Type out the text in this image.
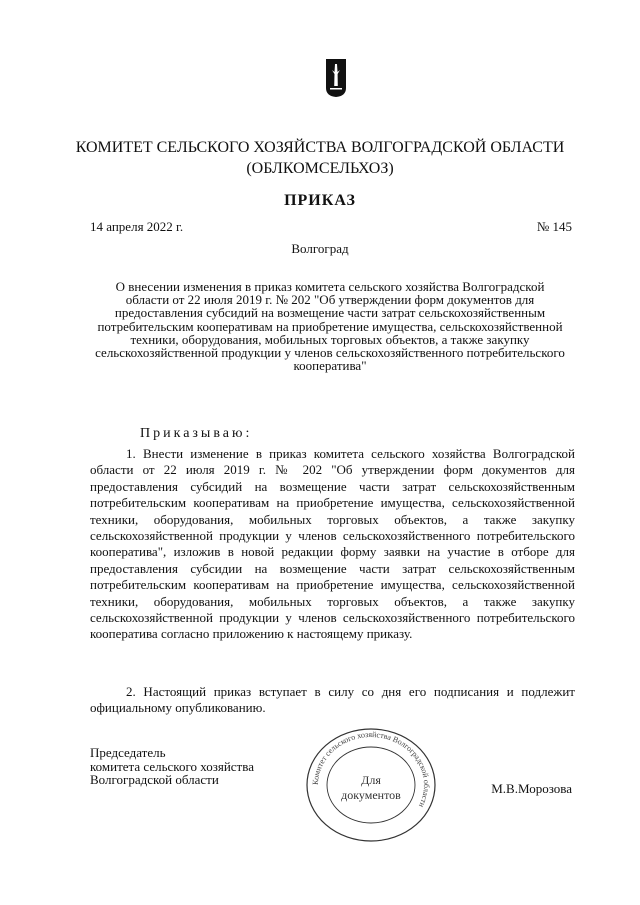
КОМИТЕТ СЕЛЬСКОГО ХОЗЯЙСТВА ВОЛГОГРАДСКОЙ ОБЛАСТИ
(ОБЛКОМСЕЛЬХОЗ)
ПРИКАЗ
14 апреля 2022 г.	№ 145
Волгоград
О внесении изменения в приказ комитета сельского хозяйства Волгоградской области от 22 июля 2019 г. № 202 "Об утверждении форм документов для предоставления субсидий на возмещение части затрат сельскохозяйственным потребительским кооперативам на приобретение имущества, сельскохозяйственной техники, оборудования, мобильных торговых объектов, а также закупку сельскохозяйственной продукции у членов сельскохозяйственного потребительского кооператива"
Приказываю:

1. Внести изменение в приказ комитета сельского хозяйства Волгоградской области от 22 июля 2019 г. № 202 "Об утверждении форм документов для предоставления субсидий на возмещение части затрат сельскохозяйственным потребительским кооперативам на приобретение имущества, сельскохозяйственной техники, оборудования, мобильных торговых объектов, а также закупку сельскохозяйственной продукции у членов сельскохозяйственного потребительского кооператива", изложив в новой редакции форму заявки на участие в отборе для предоставления субсидии на возмещение части затрат сельскохозяйственным потребительским кооперативам на приобретение имущества, сельскохозяйственной техники, оборудования, мобильных торговых объектов, а также закупку сельскохозяйственной продукции у членов сельскохозяйственного потребительского кооператива согласно приложению к настоящему приказу.

2. Настоящий приказ вступает в силу со дня его подписания и подлежит официальному опубликованию.

Председатель
комитета сельского хозяйства
Волгоградской области	Комитет сельского хозяйства Волгоградской области
Для
документов	М.В.Морозова
